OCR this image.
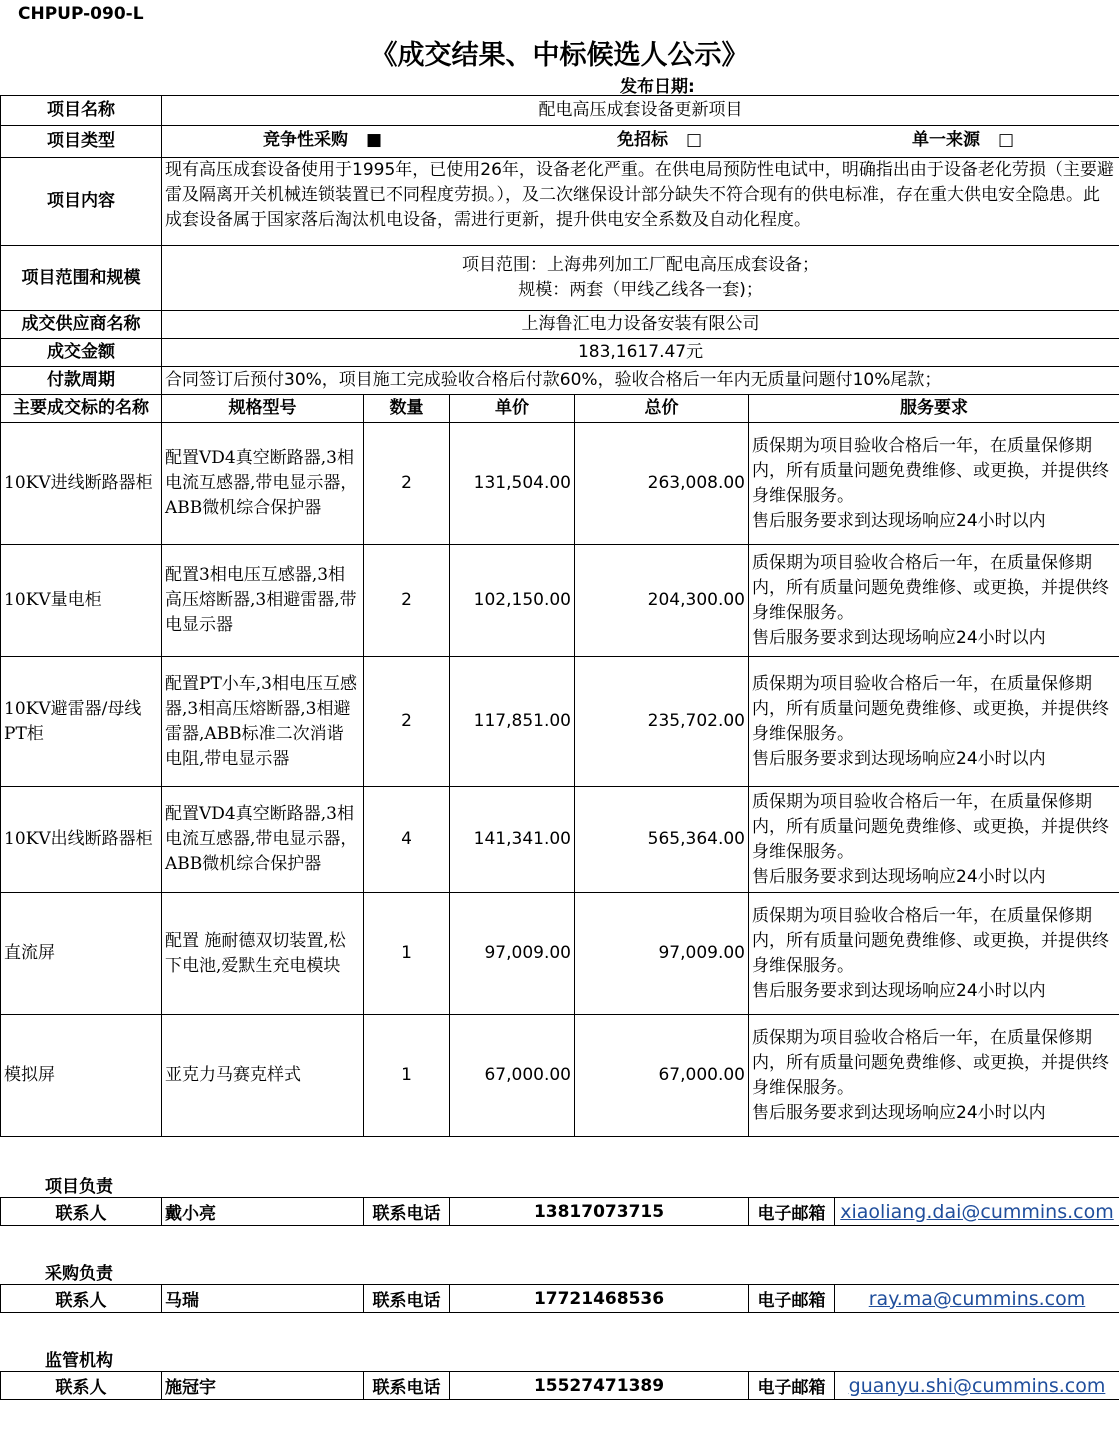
CHPUP-090-L
《成交结果、中标候选人公示》
发布日期:
项目名称	配电高压成套设备更新项目				
项目类型	竞争性采购 ■ 免招标 □ 单一来源 □				

项目内容	现有高压成套设备使用于1995年，已使用26年，设备老化严重。在供电局预防性电试中，明确指出由于设备老化劳损（主要避雷及隔离开关机械连锁装置已不同程度劳损。），及二次继保设计部分缺失不符合现有的供电标准，存在重大供电安全隐患。此成套设备属于国家落后淘汰机电设备，需进行更新，提升供电安全系数及自动化程度。				
项目范围和规模	项目范围：上海弗列加工厂配电高压成套设备；
规模：两套（甲线乙线各一套)；				

成交供应商名称	上海鲁汇电力设备安装有限公司				
成交金额	183,1617.47元				
付款周期	合同签订后预付30%，项目施工完成验收合格后付款60%，验收合格后一年内无质量问题付10%尾款；				
主要成交标的名称	规格型号	数量	单价	总价	服务要求
10KV进线断路器柜	配置VD4真空断路器,3相电流互感器,带电显示器，ABB微机综合保护器	2	131,504.00	263,008.00	质保期为项目验收合格后一年，在质量保修期内，所有质量问题免费维修、或更换，并提供终身维保服务。
售后服务要求到达现场响应24小时以内

10KV量电柜	配置3相电压互感器,3相高压熔断器,3相避雷器,带电显示器	2	102,150.00	204,300.00	质保期为项目验收合格后一年，在质量保修期内，所有质量问题免费维修、或更换，并提供终身维保服务。
售后服务要求到达现场响应24小时以内

10KV避雷器/母线PT柜	配置PT小车,3相电压互感器,3相高压熔断器,3相避雷器,ABB标准二次消谐电阻,带电显示器	2	117,851.00	235,702.00	质保期为项目验收合格后一年，在质量保修期内，所有质量问题免费维修、或更换，并提供终身维保服务。
售后服务要求到达现场响应24小时以内

10KV出线断路器柜	配置VD4真空断路器,3相电流互感器,带电显示器，ABB微机综合保护器	4	141,341.00	565,364.00	质保期为项目验收合格后一年，在质量保修期内，所有质量问题免费维修、或更换，并提供终身维保服务。
售后服务要求到达现场响应24小时以内

直流屏	配置 施耐德双切装置,松下电池,爱默生充电模块	1	97,009.00	97,009.00	质保期为项目验收合格后一年，在质量保修期内，所有质量问题免费维修、或更换，并提供终身维保服务。
售后服务要求到达现场响应24小时以内

模拟屏	亚克力马赛克样式	1	67,000.00	67,000.00	质保期为项目验收合格后一年，在质量保修期内，所有质量问题免费维修、或更换，并提供终身维保服务。
售后服务要求到达现场响应24小时以内
项目负责
联系人	戴小亮	联系电话	13817073715	电子邮箱	xiaoliang.dai@cummins.com
采购负责
联系人	马瑞	联系电话	17721468536	电子邮箱	ray.ma@cummins.com
监管机构
联系人	施冠宇	联系电话	15527471389	电子邮箱	guanyu.shi@cummins.com
